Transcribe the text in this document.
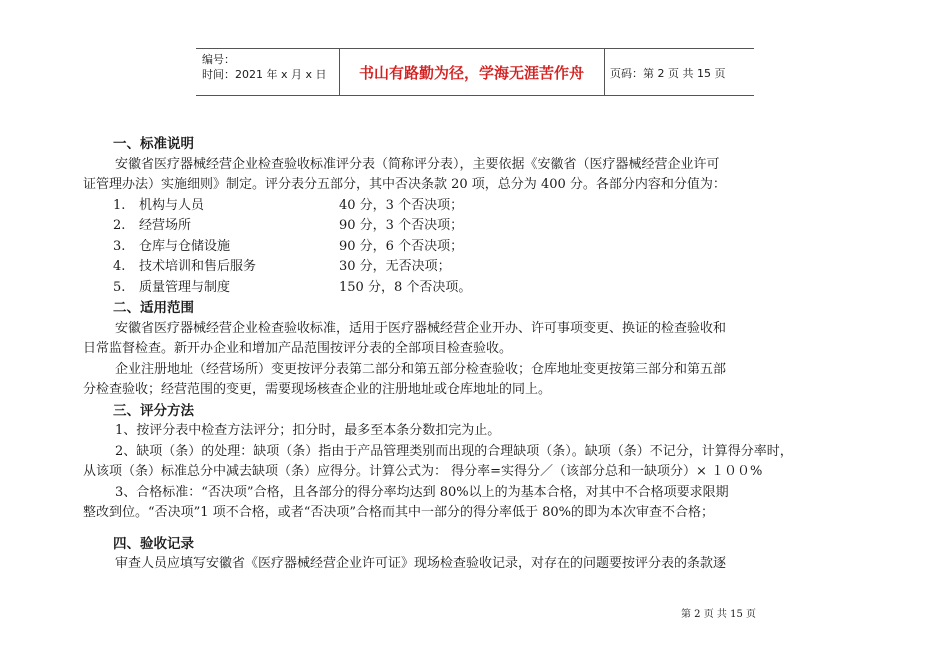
编号：
时间：2021 年 x 月 x 日	书山有路勤为径，学海无涯苦作舟	页码：第 2 页 共 15 页
一、标准说明
安徽省医疗器械经营企业检查验收标准评分表（简称评分表），主要依据《安徽省（医疗器械经营企业许可
证管理办法）实施细则》制定。评分表分五部分，其中否决条款 20 项，总分为 400 分。各部分内容和分值为：
1. 机构与人员	40 分，3 个否决项；
2. 经营场所	90 分，3 个否决项；
3. 仓库与仓储设施	90 分，6 个否决项；
4. 技术培训和售后服务	30 分，无否决项；
5. 质量管理与制度	150 分，8 个否决项。
二、适用范围
安徽省医疗器械经营企业检查验收标准，适用于医疗器械经营企业开办、许可事项变更、换证的检查验收和
日常监督检查。新开办企业和增加产品范围按评分表的全部项目检查验收。
企业注册地址（经营场所）变更按评分表第二部分和第五部分检查验收；仓库地址变更按第三部分和第五部
分检查验收；经营范围的变更，需要现场核查企业的注册地址或仓库地址的同上。
三、评分方法
1、按评分表中检查方法评分；扣分时，最多至本条分数扣完为止。
2、缺项（条）的处理：缺项（条）指由于产品管理类别而出现的合理缺项（条）。缺项（条）不记分，计算得分率时，
从该项（条）标准总分中减去缺项（条）应得分。计算公式为： 得分率=实得分／（该部分总和一缺项分）× １００%
3、合格标准：“否决项”合格，且各部分的得分率均达到 80%以上的为基本合格，对其中不合格项要求限期
整改到位。“否决项”1 项不合格，或者“否决项”合格而其中一部分的得分率低于 80%的即为本次审查不合格；
四、验收记录
审查人员应填写安徽省《医疗器械经营企业许可证》现场检查验收记录，对存在的问题要按评分表的条款逐
第 2 页 共 15 页
